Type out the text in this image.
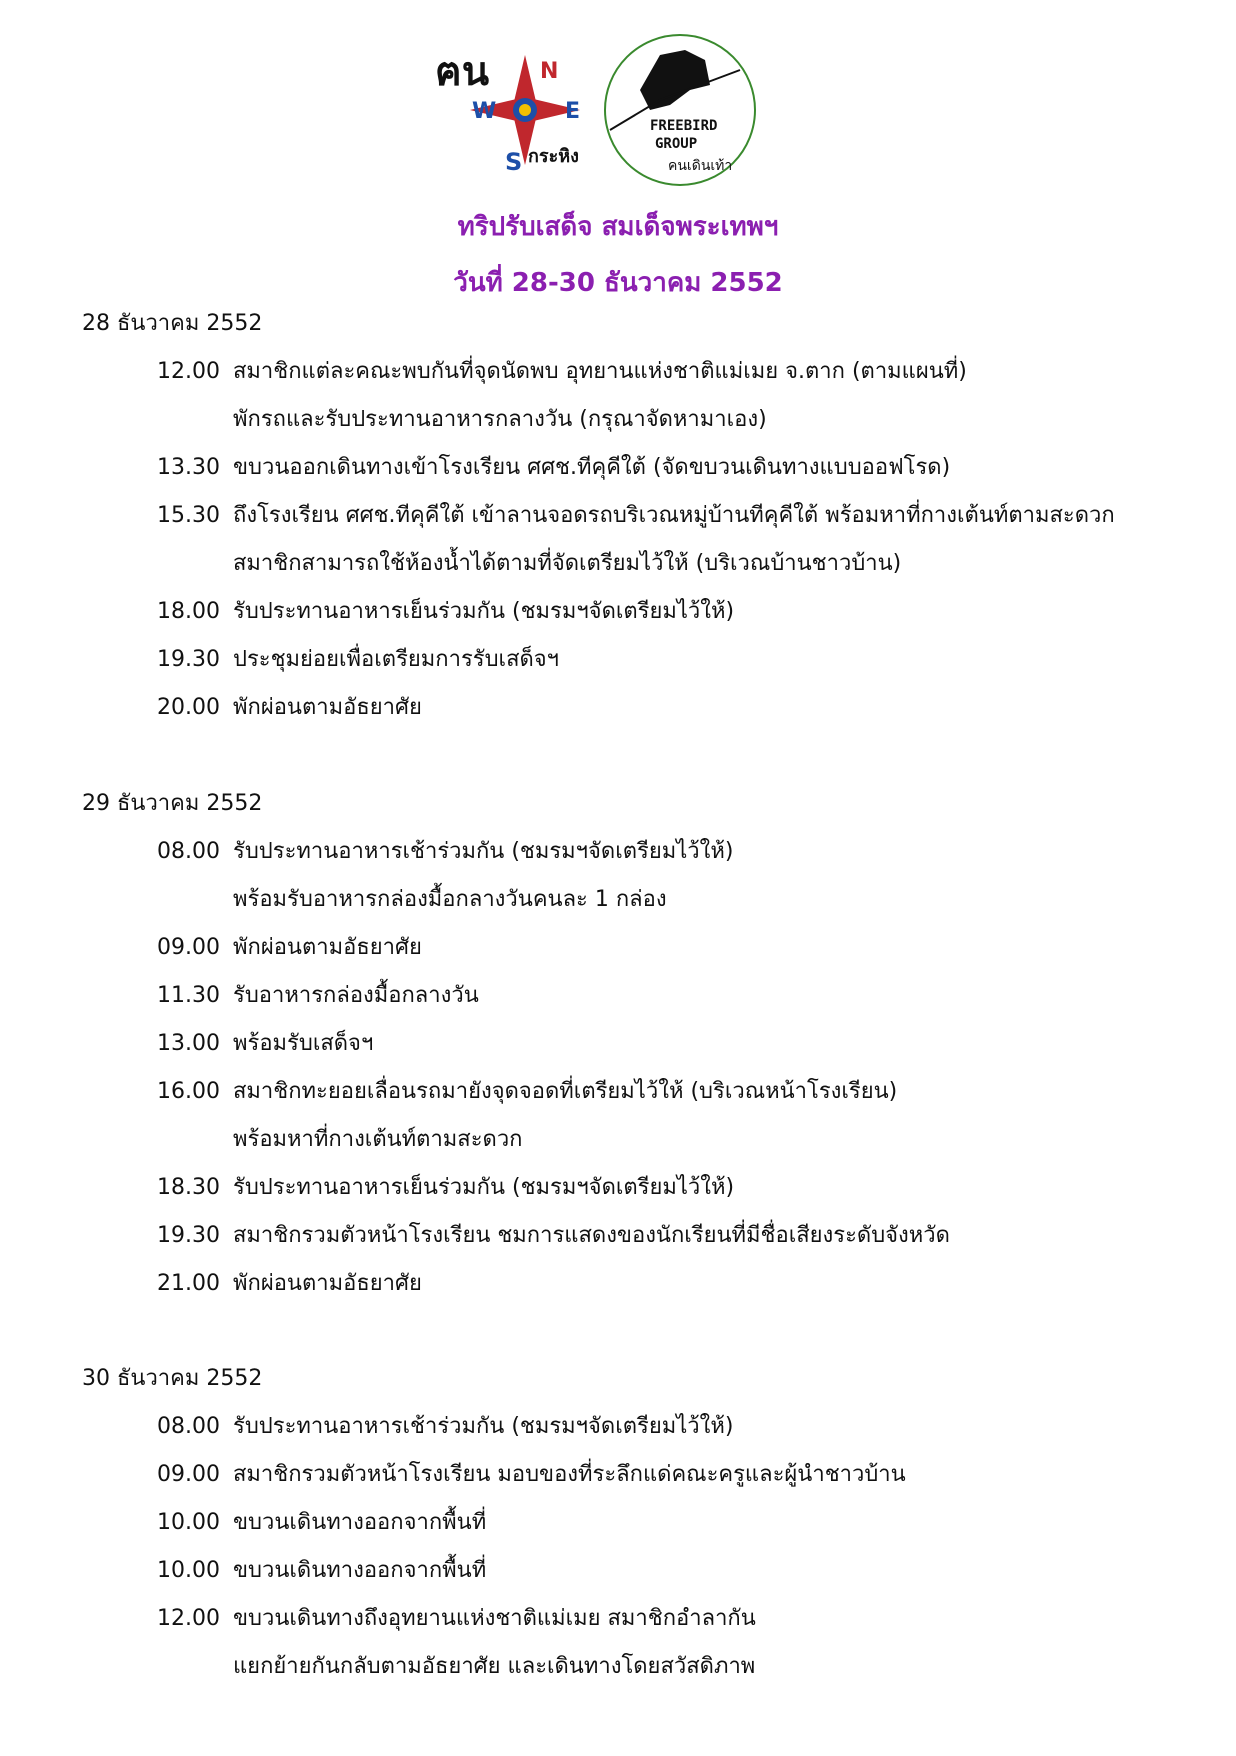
ฅน N
W	E
S กระหิง
FREEBIRD
GROUP
คนเดินเท้า
ทริปรับเสด็จ สมเด็จพระเทพฯ
วันที่ 28-30 ธันวาคม 2552
28 ธันวาคม 2552
12.00 สมาชิกแต่ละคณะพบกันที่จุดนัดพบ อุทยานแห่งชาติแม่เมย จ.ตาก (ตามแผนที่)
พักรถและรับประทานอาหารกลางวัน (กรุณาจัดหามาเอง)
13.30 ขบวนออกเดินทางเข้าโรงเรียน ศศช.ทีคุคีใต้ (จัดขบวนเดินทางแบบออฟโรด)
15.30 ถึงโรงเรียน ศศช.ทีคุคีใต้ เข้าลานจอดรถบริเวณหมู่บ้านทีคุคีใต้ พร้อมหาที่กางเต้นท์ตามสะดวก
สมาชิกสามารถใช้ห้องน้ำได้ตามที่จัดเตรียมไว้ให้ (บริเวณบ้านชาวบ้าน)
18.00 รับประทานอาหารเย็นร่วมกัน (ชมรมฯจัดเตรียมไว้ให้)
19.30 ประชุมย่อยเพื่อเตรียมการรับเสด็จฯ
20.00 พักผ่อนตามอัธยาศัย
29 ธันวาคม 2552
08.00 รับประทานอาหารเช้าร่วมกัน (ชมรมฯจัดเตรียมไว้ให้)
พร้อมรับอาหารกล่องมื้อกลางวันคนละ 1 กล่อง
09.00 พักผ่อนตามอัธยาศัย
11.30 รับอาหารกล่องมื้อกลางวัน
13.00 พร้อมรับเสด็จฯ
16.00 สมาชิกทะยอยเลื่อนรถมายังจุดจอดที่เตรียมไว้ให้ (บริเวณหน้าโรงเรียน)
พร้อมหาที่กางเต้นท์ตามสะดวก
18.30 รับประทานอาหารเย็นร่วมกัน (ชมรมฯจัดเตรียมไว้ให้)
19.30 สมาชิกรวมตัวหน้าโรงเรียน ชมการแสดงของนักเรียนที่มีชื่อเสียงระดับจังหวัด
21.00 พักผ่อนตามอัธยาศัย
30 ธันวาคม 2552
08.00 รับประทานอาหารเช้าร่วมกัน (ชมรมฯจัดเตรียมไว้ให้)
09.00 สมาชิกรวมตัวหน้าโรงเรียน มอบของที่ระลึกแด่คณะครูและผู้นำชาวบ้าน
10.00 ขบวนเดินทางออกจากพื้นที่
10.00 ขบวนเดินทางออกจากพื้นที่
12.00 ขบวนเดินทางถึงอุทยานแห่งชาติแม่เมย สมาชิกอำลากัน
แยกย้ายกันกลับตามอัธยาศัย และเดินทางโดยสวัสดิภาพ
